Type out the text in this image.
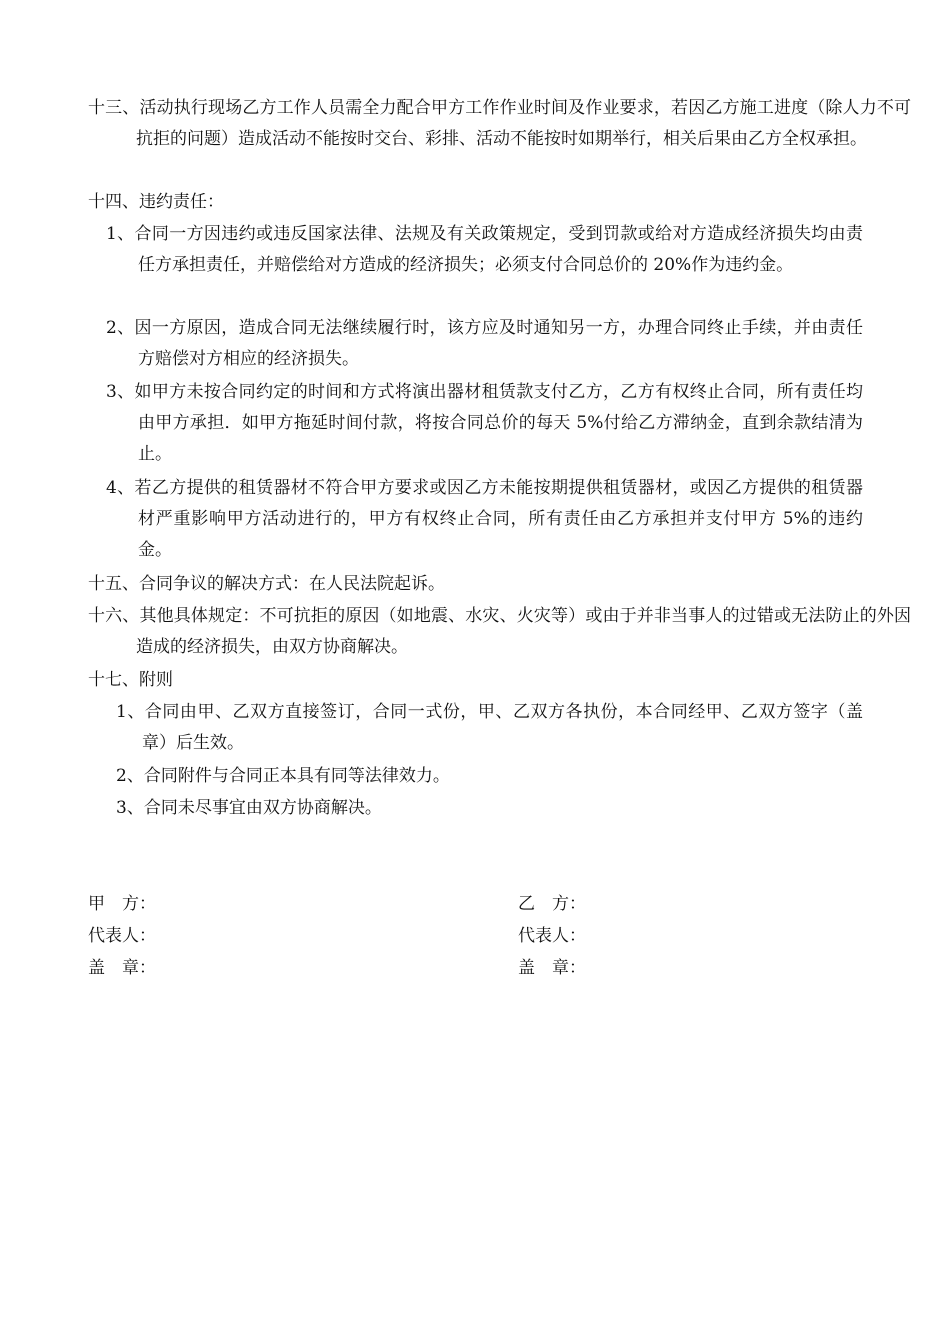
十三、活动执行现场乙方工作人员需全力配合甲方工作作业时间及作业要求，若因乙方施工进度（除人力不可抗拒的问题）造成活动不能按时交台、彩排、活动不能按时如期举行，相关后果由乙方全权承担。
十四、违约责任：
1、合同一方因违约或违反国家法律、法规及有关政策规定，受到罚款或给对方造成经济损失均由责任方承担责任，并赔偿给对方造成的经济损失；必须支付合同总价的 20%作为违约金。
2、因一方原因，造成合同无法继续履行时，该方应及时通知另一方，办理合同终止手续，并由责任方赔偿对方相应的经济损失。
3、如甲方未按合同约定的时间和方式将演出器材租赁款支付乙方，乙方有权终止合同，所有责任均由甲方承担．如甲方拖延时间付款，将按合同总价的每天 5%付给乙方滞纳金，直到余款结清为止。
4、若乙方提供的租赁器材不符合甲方要求或因乙方未能按期提供租赁器材，或因乙方提供的租赁器材严重影响甲方活动进行的，甲方有权终止合同，所有责任由乙方承担并支付甲方 5%的违约金。
十五、合同争议的解决方式：在人民法院起诉。
十六、其他具体规定：不可抗拒的原因（如地震、水灾、火灾等）或由于并非当事人的过错或无法防止的外因造成的经济损失，由双方协商解决。
十七、附则
1、合同由甲、乙双方直接签订，合同一式份，甲、乙双方各执份，本合同经甲、乙双方签字（盖章）后生效。
2、合同附件与合同正本具有同等法律效力。
3、合同未尽事宜由双方协商解决。
甲　方：
代表人：
盖　章：
乙　方：
代表人：
盖　章：
